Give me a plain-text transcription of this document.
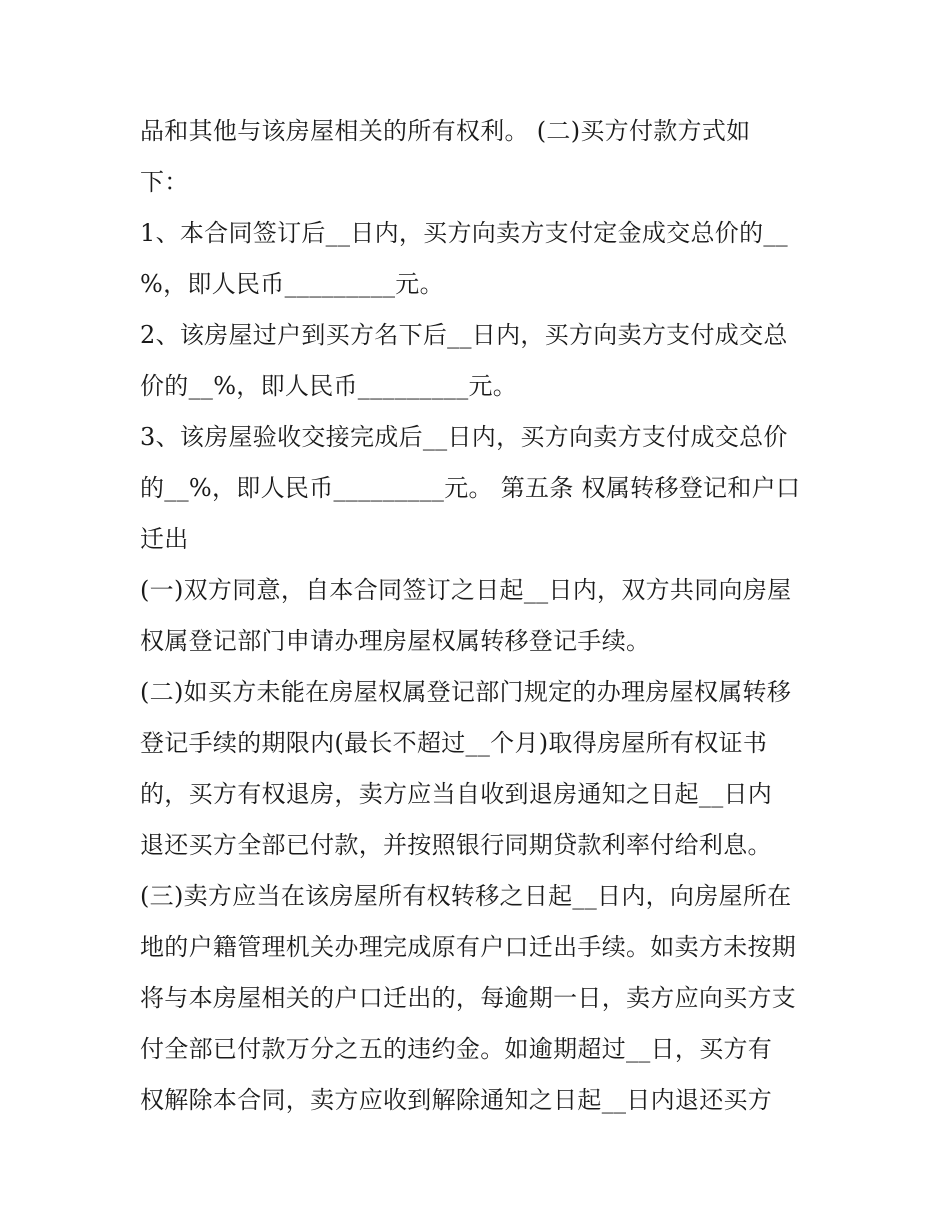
品和其他与该房屋相关的所有权利。 (二)买方付款方式如
下：
1、本合同签订后__日内，买方向卖方支付定金成交总价的__
%，即人民币_________元。
2、该房屋过户到买方名下后__日内，买方向卖方支付成交总
价的__%，即人民币_________元。
3、该房屋验收交接完成后__日内，买方向卖方支付成交总价
的__%，即人民币_________元。 第五条 权属转移登记和户口
迁出
(一)双方同意，自本合同签订之日起__日内，双方共同向房屋
权属登记部门申请办理房屋权属转移登记手续。
(二)如买方未能在房屋权属登记部门规定的办理房屋权属转移
登记手续的期限内(最长不超过__个月)取得房屋所有权证书
的，买方有权退房，卖方应当自收到退房通知之日起__日内
退还买方全部已付款，并按照银行同期贷款利率付给利息。
(三)卖方应当在该房屋所有权转移之日起__日内，向房屋所在
地的户籍管理机关办理完成原有户口迁出手续。如卖方未按期
将与本房屋相关的户口迁出的，每逾期一日，卖方应向买方支
付全部已付款万分之五的违约金。如逾期超过__日，买方有
权解除本合同，卖方应收到解除通知之日起__日内退还买方
